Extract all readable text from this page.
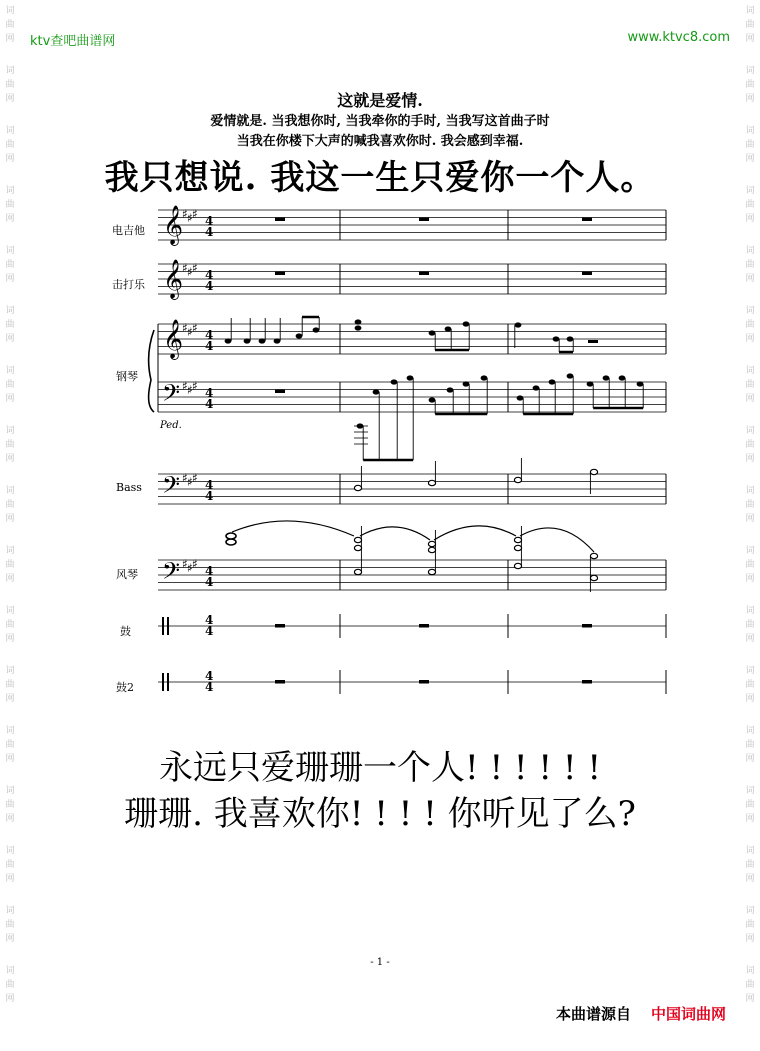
词
曲
网
词
曲
网
词
曲
网
词
曲
网
词
曲
网
词
曲
网
词
曲
网
词
曲
网
词
曲
网
词
曲
网
词
曲
网
词
曲
网
词
曲
网
词
曲
网
词
曲
网
词
曲
网
词
曲
网
词
曲
网
词
曲
网
词
曲
网
词
曲
网
词
曲
网
词
曲
网
词
曲
网
词
曲
网
词
曲
网
词
曲
网
词
曲
网
词
曲
网
词
曲
网
词
曲
网
词
曲
网
词
曲
网
词
曲
网
ktv查吧曲谱网	www.ktvc8.com
这就是爱情.
爱情就是. 当我想你时, 当我牵你的手时, 当我写这首曲子时
当我在你楼下大声的喊我喜欢你时. 我会感到幸福.
我只想说. 我这一生只爱你一个人。
电吉他
击打乐
钢琴
Ped.
Bass
风琴
鼓
鼓2
𝄞
♯ ♯ ♯ 4
4
𝄞
♯ ♯ ♯ 4
4
𝄞
♯ ♯ ♯ 4
4
𝄢 ♯ ♯ ♯ 4
4
𝄢 ♯ ♯ ♯ 4
4
𝄢 ♯ ♯ ♯ 4
4
4
4
4
4
永远只爱珊珊一个人! ! ! ! ! !
珊珊. 我喜欢你! ! ! ! 你听见了么?
- 1 -
本曲谱源自 中国词曲网
